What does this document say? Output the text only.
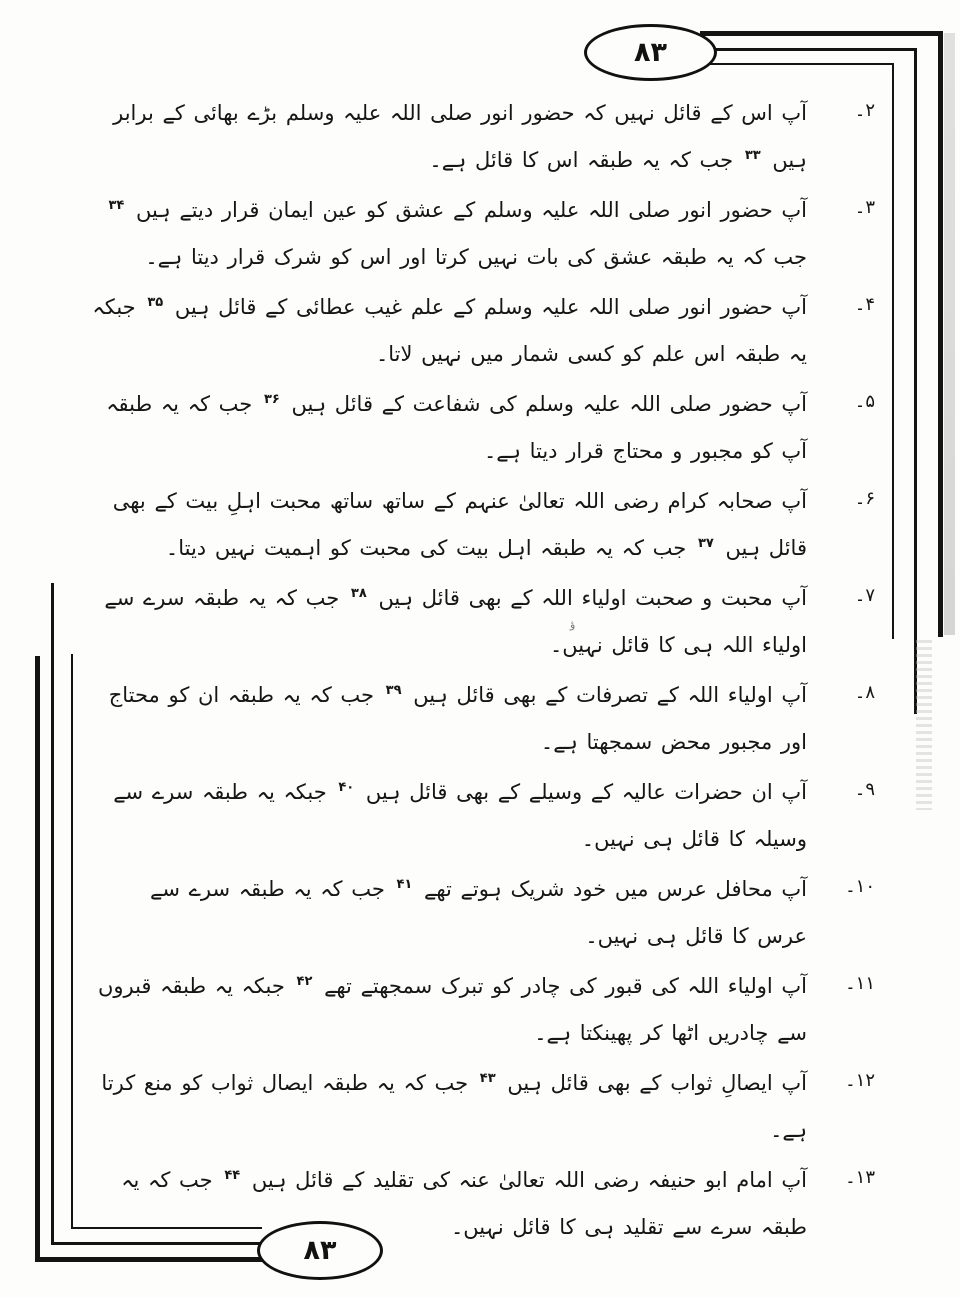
۸۳
۸۳
ؤ
۲۔
آپ اس کے قائل نہیں کہ حضور انور صلی اللہ علیہ وسلم بڑے بھائی کے برابر ہیں $^{۳۳}$ جب کہ یہ طبقہ اس کا قائل ہے۔
۳۔
آپ حضور انور صلی اللہ علیہ وسلم کے عشق کو عین ایمان قرار دیتے ہیں $^{۳۴}$ جب کہ یہ طبقہ عشق کی بات نہیں کرتا اور اس کو شرک قرار دیتا ہے۔
۴۔
آپ حضور انور صلی اللہ علیہ وسلم کے علم غیب عطائی کے قائل ہیں $^{۳۵}$ جبکہ یہ طبقہ اس علم کو کسی شمار میں نہیں لاتا۔
۵۔
آپ حضور صلی اللہ علیہ وسلم کی شفاعت کے قائل ہیں $^{۳۶}$ جب کہ یہ طبقہ آپ کو مجبور و محتاج قرار دیتا ہے۔
۶۔
آپ صحابہ کرام رضی اللہ تعالیٰ عنہم کے ساتھ ساتھ محبت اہلِ بیت کے بھی قائل ہیں $^{۳۷}$ جب کہ یہ طبقہ اہل بیت کی محبت کو اہمیت نہیں دیتا۔
۷۔
آپ محبت و صحبت اولیاء اللہ کے بھی قائل ہیں $^{۳۸}$ جب کہ یہ طبقہ سرے سے اولیاء اللہ ہی کا قائل نہیں۔
۸۔
آپ اولیاء اللہ کے تصرفات کے بھی قائل ہیں $^{۳۹}$ جب کہ یہ طبقہ ان کو محتاج اور مجبور محض سمجھتا ہے۔
۹۔
آپ ان حضرات عالیہ کے وسیلے کے بھی قائل ہیں $^{۴۰}$ جبکہ یہ طبقہ سرے سے وسیلہ کا قائل ہی نہیں۔
۱۰۔
آپ محافل عرس میں خود شریک ہوتے تھے $^{۴۱}$ جب کہ یہ طبقہ سرے سے عرس کا قائل ہی نہیں۔
۱۱۔
آپ اولیاء اللہ کی قبور کی چادر کو تبرک سمجھتے تھے $^{۴۲}$ جبکہ یہ طبقہ قبروں سے چادریں اٹھا کر پھینکتا ہے۔
۱۲۔
آپ ایصالِ ثواب کے بھی قائل ہیں $^{۴۳}$ جب کہ یہ طبقہ ایصال ثواب کو منع کرتا ہے۔
۱۳۔
آپ امام ابو حنیفہ رضی اللہ تعالیٰ عنہ کی تقلید کے قائل ہیں $^{۴۴}$ جب کہ یہ طبقہ سرے سے تقلید ہی کا قائل نہیں۔
